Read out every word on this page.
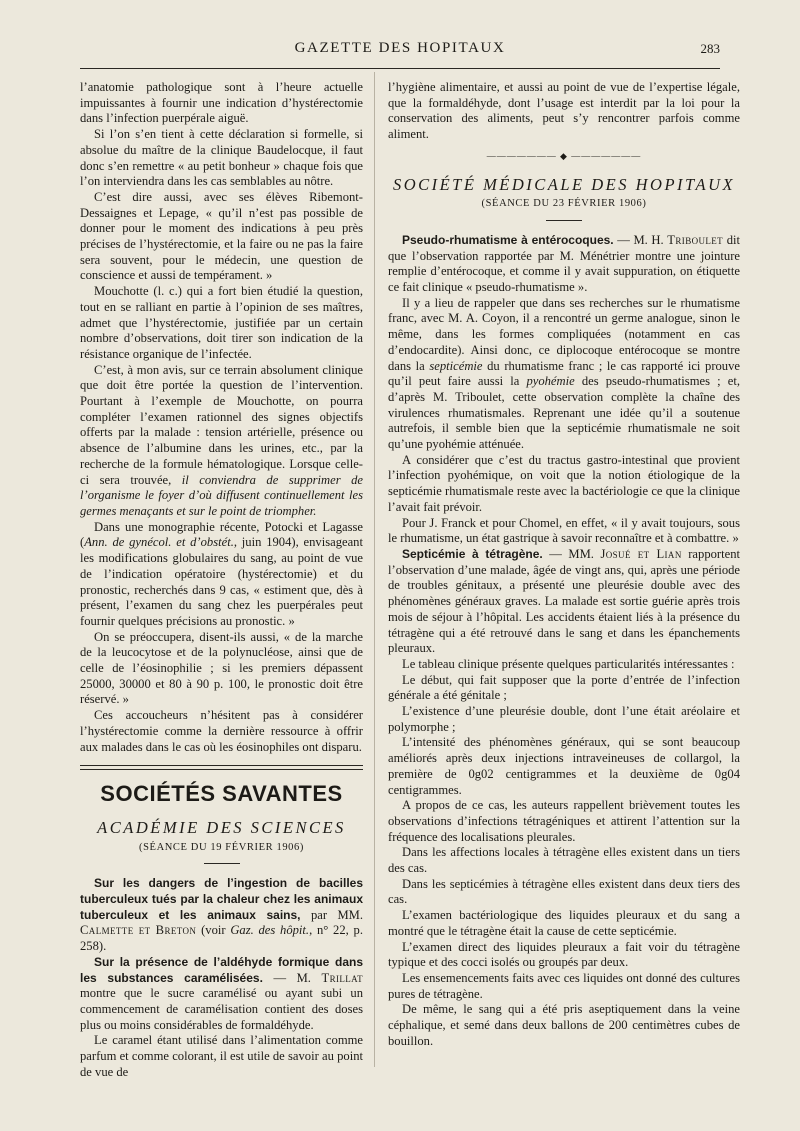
GAZETTE DES HOPITAUX	283

l’anatomie pathologique sont à l’heure actuelle impuissantes à fournir une indication d’hystérectomie dans l’infection puerpérale aiguë.

Si l’on s’en tient à cette déclaration si formelle, si absolue du maître de la clinique Baudelocque, il faut donc s’en remettre « au petit bonheur » chaque fois que l’on interviendra dans les cas semblables au nôtre.

C’est dire aussi, avec ses élèves Ribemont-Dessaignes et Lepage, « qu’il n’est pas possible de donner pour le moment des indications à peu près précises de l’hystérectomie, et la faire ou ne pas la faire sera souvent, pour le médecin, une question de conscience et aussi de tempérament. »

Mouchotte (l. c.) qui a fort bien étudié la question, tout en se ralliant en partie à l’opinion de ses maîtres, admet que l’hystérectomie, justifiée par un certain nombre d’observations, doit tirer son indication de la résistance organique de l’infectée.

C’est, à mon avis, sur ce terrain absolument clinique que doit être portée la question de l’intervention. Pourtant à l’exemple de Mouchotte, on pourra compléter l’examen rationnel des signes objectifs offerts par la malade : tension artérielle, présence ou absence de l’albumine dans les urines, etc., par la recherche de la formule hématologique. Lorsque celle-ci sera trouvée, il conviendra de supprimer de l’organisme le foyer d’où diffusent continuellement les germes menaçants et sur le point de triompher.

Dans une monographie récente, Potocki et Lagasse (Ann. de gynécol. et d’obstét., juin 1904), envisageant les modifications globulaires du sang, au point de vue de l’indication opératoire (hystérectomie) et du pronostic, recherchés dans 9 cas, « estiment que, dès à présent, l’examen du sang chez les puerpérales peut fournir quelques précisions au pronostic. »

On se préoccupera, disent-ils aussi, « de la marche de la leucocytose et de la polynucléose, ainsi que de celle de l’éosinophilie ; si les premiers dépassent 25000, 30000 et 80 à 90 p. 100, le pronostic doit être réservé. »

Ces accoucheurs n’hésitent pas à considérer l’hystérectomie comme la dernière ressource à offrir aux malades dans le cas où les éosinophiles ont disparu.

SOCIÉTÉS SAVANTES
ACADÉMIE DES SCIENCES
(SÉANCE DU 19 FÉVRIER 1906)

Sur les dangers de l’ingestion de bacilles tuberculeux tués par la chaleur chez les animaux tuberculeux et les animaux sains, par MM. Calmette et Breton (voir Gaz. des hôpit., n° 22, p. 258).

Sur la présence de l’aldéhyde formique dans les substances caramélisées. — M. Trillat montre que le sucre caramélisé ou ayant subi un commencement de caramélisation contient des doses plus ou moins considérables de formaldéhyde.

Le caramel étant utilisé dans l’alimentation comme parfum et comme colorant, il est utile de savoir au point de vue de

l’hygiène alimentaire, et aussi au point de vue de l’expertise légale, que la formaldéhyde, dont l’usage est interdit par la loi pour la conservation des aliments, peut s’y rencontrer parfois comme aliment.

——————— ◆ ———————
SOCIÉTÉ MÉDICALE DES HOPITAUX
(SÉANCE DU 23 FÉVRIER 1906)

Pseudo-rhumatisme à entérocoques. — M. H. Triboulet dit que l’observation rapportée par M. Ménétrier montre une jointure remplie d’entérocoque, et comme il y avait suppuration, on étiquette ce fait clinique « pseudo-rhumatisme ».

Il y a lieu de rappeler que dans ses recherches sur le rhumatisme franc, avec M. A. Coyon, il a rencontré un germe analogue, sinon le même, dans les formes compliquées (notamment en cas d’endocardite). Ainsi donc, ce diplocoque entérocoque se montre dans la septicémie du rhumatisme franc ; le cas rapporté ici prouve qu’il peut faire aussi la pyohémie des pseudo-rhumatismes ; et, d’après M. Triboulet, cette observation complète la chaîne des virulences rhumatismales. Reprenant une idée qu’il a soutenue autrefois, il semble bien que la septicémie rhumatismale ne soit qu’une pyohémie atténuée.

A considérer que c’est du tractus gastro-intestinal que provient l’infection pyohémique, on voit que la notion étiologique de la septicémie rhumatismale reste avec la bactériologie ce que la clinique l’avait fait prévoir.

Pour J. Franck et pour Chomel, en effet, « il y avait toujours, sous le rhumatisme, un état gastrique à savoir reconnaître et à combattre. »

Septicémie à tétragène. — MM. Josué et Lian rapportent l’observation d’une malade, âgée de vingt ans, qui, après une période de troubles génitaux, a présenté une pleurésie double avec des phénomènes généraux graves. La malade est sortie guérie après trois mois de séjour à l’hôpital. Les accidents étaient liés à la présence du tétragène qui a été retrouvé dans le sang et dans les épanchements pleuraux.

Le tableau clinique présente quelques particularités intéressantes :

Le début, qui fait supposer que la porte d’entrée de l’infection générale a été génitale ;

L’existence d’une pleurésie double, dont l’une était aréolaire et polymorphe ;

L’intensité des phénomènes généraux, qui se sont beaucoup améliorés après deux injections intraveineuses de collargol, la première de 0g02 centigrammes et la deuxième de 0g04 centigrammes.

A propos de ce cas, les auteurs rappellent brièvement toutes les observations d’infections tétragéniques et attirent l’attention sur la fréquence des localisations pleurales.

Dans les affections locales à tétragène elles existent dans un tiers des cas.

Dans les septicémies à tétragène elles existent dans deux tiers des cas.

L’examen bactériologique des liquides pleuraux et du sang a montré que le tétragène était la cause de cette septicémie.

L’examen direct des liquides pleuraux a fait voir du tétragène typique et des cocci isolés ou groupés par deux.

Les ensemencements faits avec ces liquides ont donné des cultures pures de tétragène.

De même, le sang qui a été pris aseptiquement dans la veine céphalique, et semé dans deux ballons de 200 centimètres cubes de bouillon.
